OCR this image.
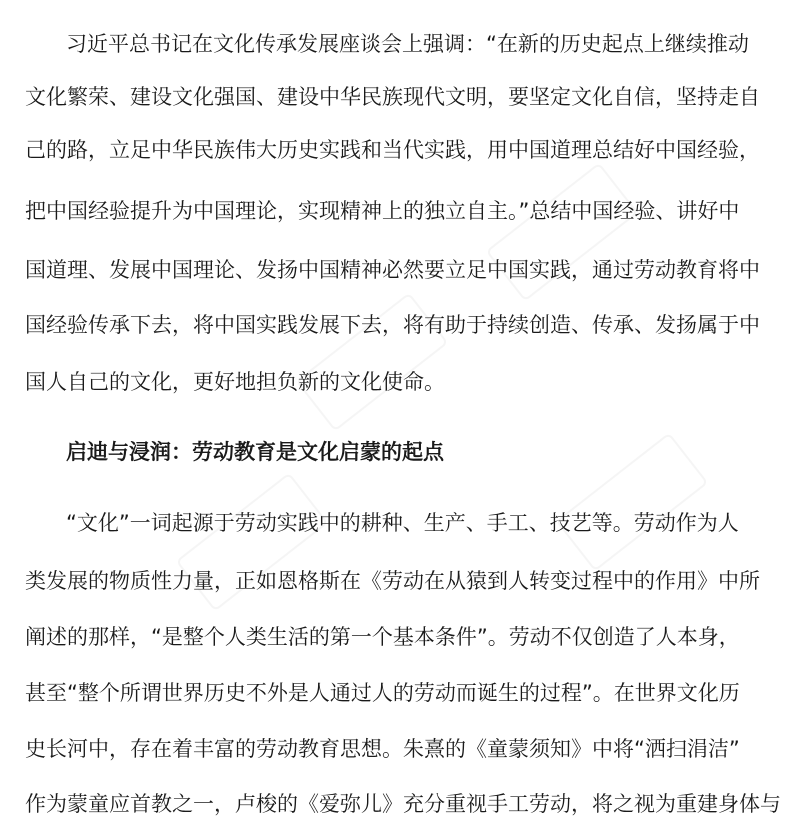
习近平总书记在文化传承发展座谈会上强调：“在新的历史起点上继续推动
文化繁荣、建设文化强国、建设中华民族现代文明，要坚定文化自信，坚持走自
己的路，立足中华民族伟大历史实践和当代实践，用中国道理总结好中国经验，
把中国经验提升为中国理论，实现精神上的独立自主。”总结中国经验、讲好中
国道理、发展中国理论、发扬中国精神必然要立足中国实践，通过劳动教育将中
国经验传承下去，将中国实践发展下去，将有助于持续创造、传承、发扬属于中
国人自己的文化，更好地担负新的文化使命。
启迪与浸润：劳动教育是文化启蒙的起点
“文化”一词起源于劳动实践中的耕种、生产、手工、技艺等。劳动作为人
类发展的物质性力量，正如恩格斯在《劳动在从猿到人转变过程中的作用》中所
阐述的那样，“是整个人类生活的第一个基本条件”。劳动不仅创造了人本身，
甚至“整个所谓世界历史不外是人通过人的劳动而诞生的过程”。在世界文化历
史长河中，存在着丰富的劳动教育思想。朱熹的《童蒙须知》中将“洒扫涓洁”
作为蒙童应首教之一，卢梭的《爱弥儿》充分重视手工劳动，将之视为重建身体与
